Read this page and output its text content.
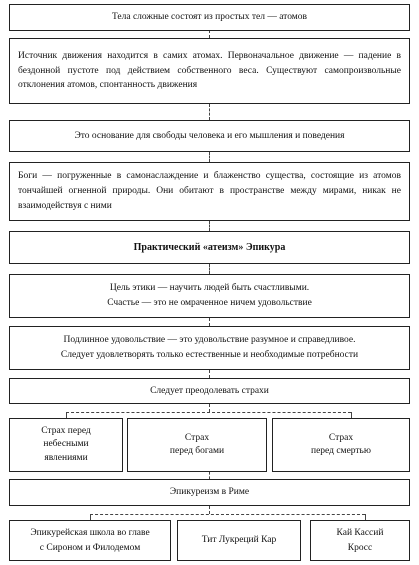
Тела сложные состоят из простых тел — атомов
Источник движения находится в самих атомах. Первоначальное движение — падение в бездонной пустоте под действием собственного веса. Существуют самопроизвольные отклонения атомов, спонтанность движения
Это основание для свободы человека и его мышления и поведения
Боги — погруженные в самонаслаждение и блаженство существа, состоящие из атомов тончайшей огненной природы. Они обитают в пространстве между мирами, никак не взаимодействуя с ними
Практический «атеизм» Эпикура
Цель этики — научить людей быть счастливыми.
Счастье — это не омраченное ничем удовольствие
Подлинное удовольствие — это удовольствие разумное и справедливое.
Следует удовлетворять только естественные и необходимые потребности
Следует преодолевать страхи
Страх перед
небесными
явлениями
Страх
перед богами
Страх
перед смертью
Эпикуреизм в Риме
Эпикурейская школа во главе
с Сироном и Филодемом
Тит Лукреций Кар
Кай Кассий
Кросс
